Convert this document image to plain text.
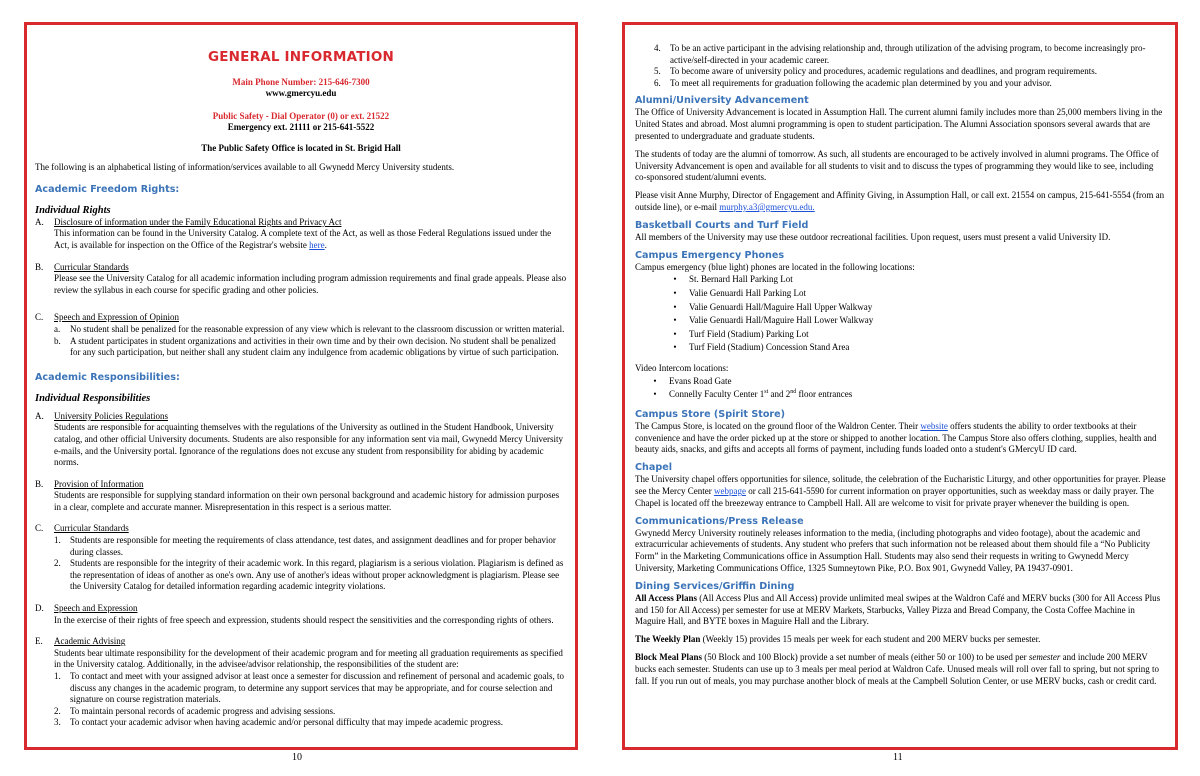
GENERAL INFORMATION
Main Phone Number: 215-646-7300
www.gmercyu.edu
Public Safety - Dial Operator (0) or ext. 21522
Emergency ext. 21111 or 215-641-5522
The Public Safety Office is located in St. Brigid Hall

The following is an alphabetical listing of information/services available to all Gwynedd Mercy University students.

Academic Freedom Rights:
Individual Rights
A.	Disclosure of information under the Family Educational Rights and Privacy Act
This information can be found in the University Catalog. A complete text of the Act, as well as those Federal Regulations issued under the Act, is available for inspection on the Office of the Registrar's website here.
B.	Curricular Standards
Please see the University Catalog for all academic information including program admission requirements and final grade appeals. Please also review the syllabus in each course for specific grading and other policies.
C.	Speech and Expression of Opinion
a.	No student shall be penalized for the reasonable expression of any view which is relevant to the classroom discussion or written material.
b.	A student participates in student organizations and activities in their own time and by their own decision. No student shall be penalized for any such participation, but neither shall any student claim any indulgence from academic obligations by virtue of such participation.
Academic Responsibilities:
Individual Responsibilities
A.	University Policies Regulations
Students are responsible for acquainting themselves with the regulations of the University as outlined in the Student Handbook, University catalog, and other official University documents. Students are also responsible for any information sent via mail, Gwynedd Mercy University e-mails, and the University portal. Ignorance of the regulations does not excuse any student from responsibility for abiding by academic norms.
B.	Provision of Information
Students are responsible for supplying standard information on their own personal background and academic history for admission purposes in a clear, complete and accurate manner. Misrepresentation in this respect is a serious matter.
C.	Curricular Standards
1.	Students are responsible for meeting the requirements of class attendance, test dates, and assignment deadlines and for proper behavior during classes.
2.	Students are responsible for the integrity of their academic work. In this regard, plagiarism is a serious violation. Plagiarism is defined as the representation of ideas of another as one's own. Any use of another's ideas without proper acknowledgment is plagiarism. Please see the University Catalog for detailed information regarding academic integrity violations.
D.	Speech and Expression
In the exercise of their rights of free speech and expression, students should respect the sensitivities and the corresponding rights of others.
E.	Academic Advising
Students bear ultimate responsibility for the development of their academic program and for meeting all graduation requirements as specified in the University catalog. Additionally, in the advisee/advisor relationship, the responsibilities of the student are:
1.	To contact and meet with your assigned advisor at least once a semester for discussion and refinement of personal and academic goals, to discuss any changes in the academic program, to determine any support services that may be appropriate, and for course selection and signature on course registration materials.
2.	To maintain personal records of academic progress and advising sessions.
3.	To contact your academic advisor when having academic and/or personal difficulty that may impede academic progress.
10
4.	To be an active participant in the advising relationship and, through utilization of the advising program, to become increasingly pro-active/self-directed in your academic career.
5.	To become aware of university policy and procedures, academic regulations and deadlines, and program requirements.
6.	To meet all requirements for graduation following the academic plan determined by you and your advisor.
Alumni/University Advancement

The Office of University Advancement is located in Assumption Hall. The current alumni family includes more than 25,000 members living in the United States and abroad. Most alumni programming is open to student participation. The Alumni Association sponsors several awards that are presented to undergraduate and graduate students.

The students of today are the alumni of tomorrow. As such, all students are encouraged to be actively involved in alumni programs. The Office of University Advancement is open and available for all students to visit and to discuss the types of programming they would like to see, including co-sponsored student/alumni events.

Please visit Anne Murphy, Director of Engagement and Affinity Giving, in Assumption Hall, or call ext. 21554 on campus, 215-641-5554 (from an outside line), or e-mail murphy.a3@gmercyu.edu.

Basketball Courts and Turf Field

All members of the University may use these outdoor recreational facilities. Upon request, users must present a valid University ID.

Campus Emergency Phones

Campus emergency (blue light) phones are located in the following locations:

•	St. Bernard Hall Parking Lot
•	Valie Genuardi Hall Parking Lot
•	Valie Genuardi Hall/Maguire Hall Upper Walkway
•	Valie Genuardi Hall/Maguire Hall Lower Walkway
•	Turf Field (Stadium) Parking Lot
•	Turf Field (Stadium) Concession Stand Area

Video Intercom locations:

•	Evans Road Gate
•	Connelly Faculty Center 1st and 2nd floor entrances
Campus Store (Spirit Store)

The Campus Store, is located on the ground floor of the Waldron Center. Their website offers students the ability to order textbooks at their convenience and have the order picked up at the store or shipped to another location. The Campus Store also offers clothing, supplies, health and beauty aids, snacks, and gifts and accepts all forms of payment, including funds loaded onto a student's GMercyU ID card.

Chapel

The University chapel offers opportunities for silence, solitude, the celebration of the Eucharistic Liturgy, and other opportunities for prayer. Please see the Mercy Center webpage or call 215-641-5590 for current information on prayer opportunities, such as weekday mass or daily prayer. The Chapel is located off the breezeway entrance to Campbell Hall. All are welcome to visit for private prayer whenever the building is open.

Communications/Press Release

Gwynedd Mercy University routinely releases information to the media, (including photographs and video footage), about the academic and extracurricular achievements of students. Any student who prefers that such information not be released about them should file a “No Publicity Form” in the Marketing Communications office in Assumption Hall. Students may also send their requests in writing to Gwynedd Mercy University, Marketing Communications Office, 1325 Sumneytown Pike, P.O. Box 901, Gwynedd Valley, PA 19437-0901.

Dining Services/Griffin Dining

All Access Plans (All Access Plus and All Access) provide unlimited meal swipes at the Waldron Café and MERV bucks (300 for All Access Plus and 150 for All Access) per semester for use at MERV Markets, Starbucks, Valley Pizza and Bread Company, the Costa Coffee Machine in Maguire Hall, and BYTE boxes in Maguire Hall and the Library.

The Weekly Plan (Weekly 15) provides 15 meals per week for each student and 200 MERV bucks per semester.

Block Meal Plans (50 Block and 100 Block) provide a set number of meals (either 50 or 100) to be used per semester and include 200 MERV bucks each semester. Students can use up to 3 meals per meal period at Waldron Cafe. Unused meals will roll over fall to spring, but not spring to fall. If you run out of meals, you may purchase another block of meals at the Campbell Solution Center, or use MERV bucks, cash or credit card.

11
